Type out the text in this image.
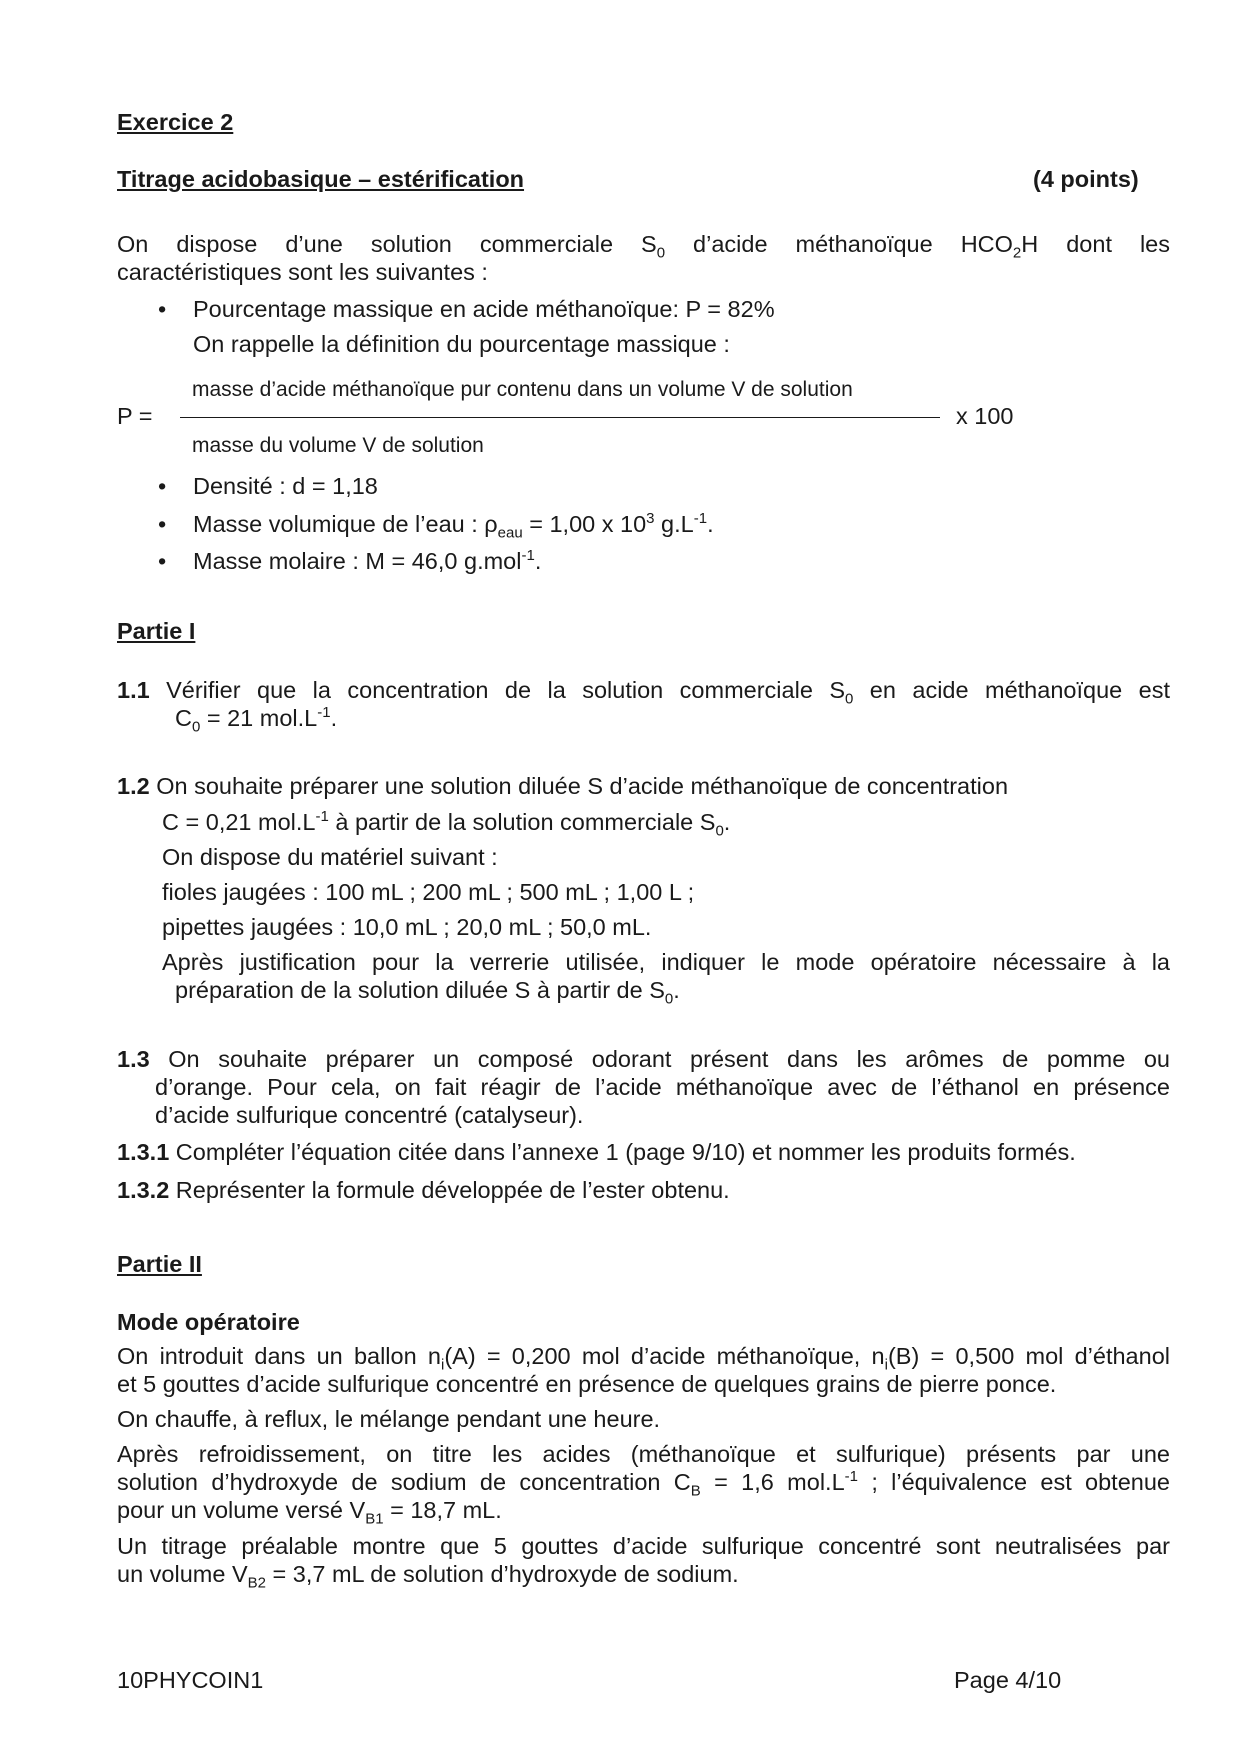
Exercice 2
Titrage acidobasique – estérification	(4 points)
On dispose d’une solution commerciale $S_0$ d’acide méthanoïque $HCO_2H$ dont les
caractéristiques sont les suivantes :
• Pourcentage massique en acide méthanoïque: P = 82%
On rappelle la définition du pourcentage massique :
masse d’acide méthanoïque pur contenu dans un volume V de solution
P =	x 100
masse du volume V de solution
• Densité : d = 1,18
• Masse volumique de l’eau : $\rho_{eau} = 1,00$ x $10^3$ $g.L^{-1}$.
• Masse molaire : M = 46,0 g.mol$^{-1}$.
Partie I
1.1 Vérifier que la concentration de la solution commerciale $S_0$ en acide méthanoïque est
$C_0 = 21$ $mol.L^{-1}$.
1.2 On souhaite préparer une solution diluée S d’acide méthanoïque de concentration
C = 0,21 $mol.L^{-1}$ à partir de la solution commerciale $S_0$.
On dispose du matériel suivant :
fioles jaugées : 100 mL ; 200 mL ; 500 mL ; 1,00 L ;
pipettes jaugées : 10,0 mL ; 20,0 mL ; 50,0 mL.
Après justification pour la verrerie utilisée, indiquer le mode opératoire nécessaire à la
préparation de la solution diluée S à partir de $S_0$.
1.3 On souhaite préparer un composé odorant présent dans les arômes de pomme ou
d’orange. Pour cela, on fait réagir de l’acide méthanoïque avec de l’éthanol en présence
d’acide sulfurique concentré (catalyseur).
1.3.1 Compléter l’équation citée dans l’annexe 1 (page 9/10) et nommer les produits formés.
1.3.2 Représenter la formule développée de l’ester obtenu.
Partie II
Mode opératoire
On introduit dans un ballon $n_i(A) = 0,200$ mol d’acide méthanoïque, $n_i(B) = 0,500$ mol d’éthanol
et 5 gouttes d’acide sulfurique concentré en présence de quelques grains de pierre ponce.
On chauffe, à reflux, le mélange pendant une heure.
Après refroidissement, on titre les acides (méthanoïque et sulfurique) présents par une
solution d’hydroxyde de sodium de concentration $C_B = 1,6$ $mol.L^{-1}$ ; l’équivalence est obtenue
pour un volume versé $V_{B1} = 18,7$ mL.
Un titrage préalable montre que 5 gouttes d’acide sulfurique concentré sont neutralisées par
un volume $V_{B2} = 3,7$ mL de solution d’hydroxyde de sodium.
10PHYCOIN1	Page 4/10
